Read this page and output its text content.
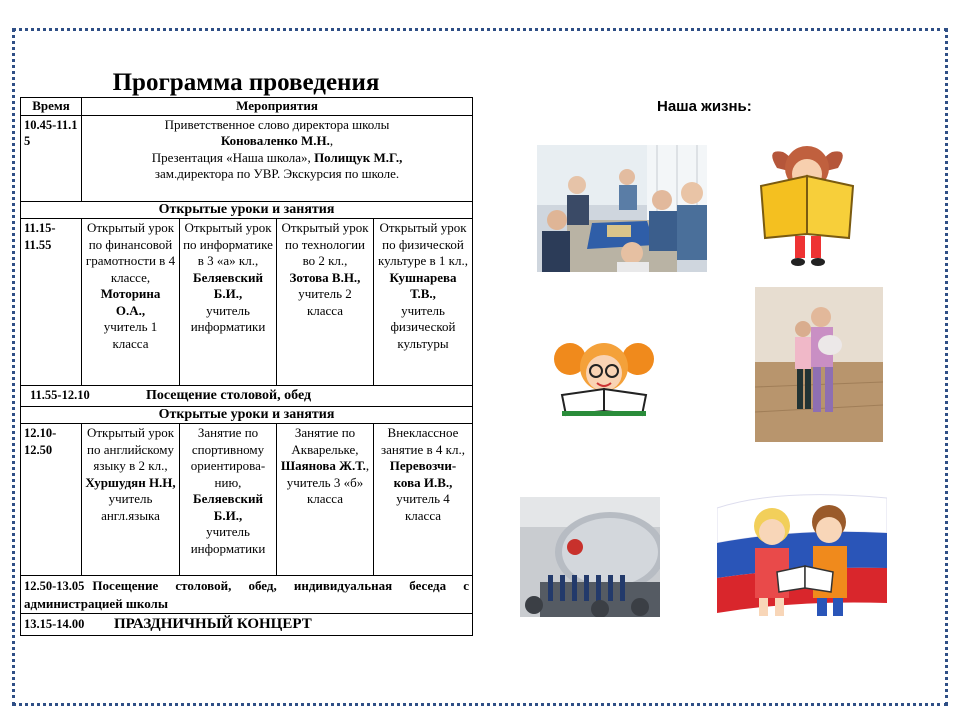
Программа проведения
Время	Мероприятия			
10.45-11.15	Приветственное слово директора школы
Коноваленко М.Н.,
Презентация «Наша школа», Полищук М.Г.,
зам.директора по УВР. Экскурсия по школе.			

Открытые уроки и занятия				
11.15-11.55	Открытый урок по финансовой грамотности в 4 классе,
Моторина О.А.,
учитель 1 класса	Открытый урок по информатике в 3 «а» кл.,
Беляевский Б.И.,
учитель информатики	Открытый урок по технологии во 2 кл.,
Зотова В.Н.,
учитель 2 класса	Открытый урок по физической культуре в 1 кл.,
Кушнарева Т.В.,
учитель физической культуры
11.55-12.10 Посещение столовой, обед				
Открытые уроки и занятия				
12.10-12.50	Открытый урок по английскому языку в 2 кл.,
Хуршудян Н.Н,
учитель англ.языка	Занятие по спортивному ориентирова-нию,
Беляевский Б.И.,
учитель информатики	Занятие по Акварельке,
Шаянова Ж.Т., учитель 3 «б» класса	Внеклассное занятие в 4 кл.,
Перевозчи-кова И.В.,
учитель 4 класса
12.50-13.05 Посещение столовой, обед, индивидуальная беседа с администрацией школы				
13.15-14.00 ПРАЗДНИЧНЫЙ КОНЦЕРТ				
Наша жизнь:
